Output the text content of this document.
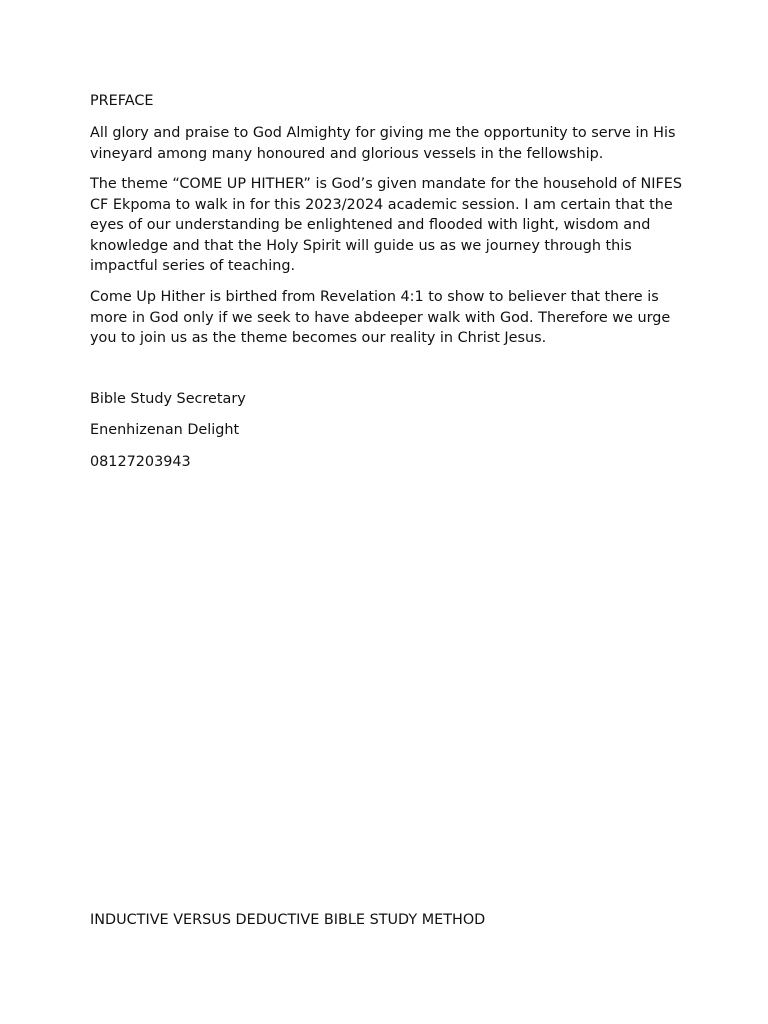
PREFACE

All glory and praise to God Almighty for giving me the opportunity to serve in His vineyard among many honoured and glorious vessels in the fellowship.

The theme “COME UP HITHER” is God’s given mandate for the household of NIFES CF Ekpoma to walk in for this 2023/2024 academic session. I am certain that the eyes of our understanding be enlightened and flooded with light, wisdom and knowledge and that the Holy Spirit will guide us as we journey through this impactful series of teaching.

Come Up Hither is birthed from Revelation 4:1 to show to believer that there is more in God only if we seek to have abdeeper walk with God. Therefore we urge you to join us as the theme becomes our reality in Christ Jesus.

Bible Study Secretary

Enenhizenan Delight

08127203943

INDUCTIVE VERSUS DEDUCTIVE BIBLE STUDY METHOD
